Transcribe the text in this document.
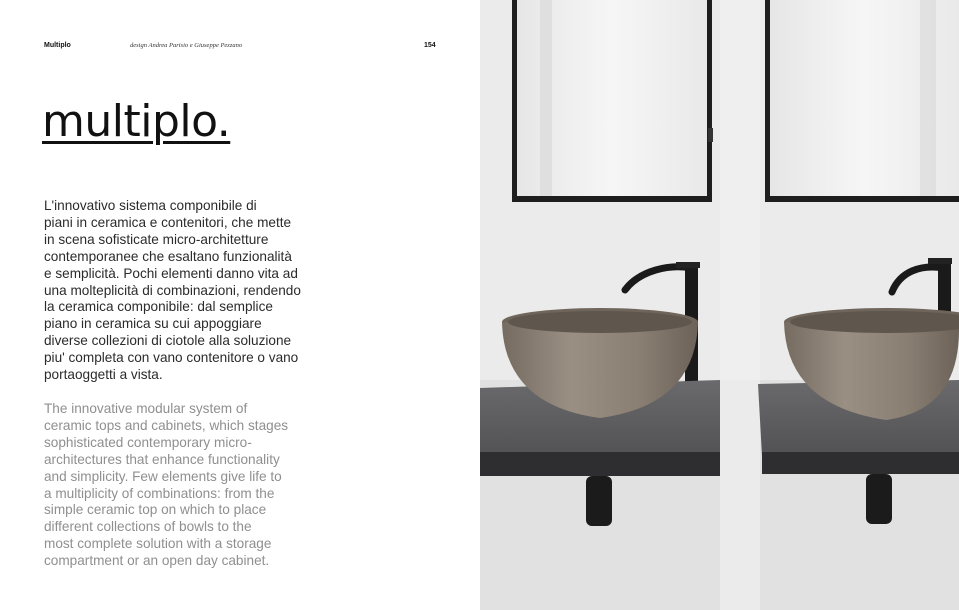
Multiplo	design Andrea Parisio e Giuseppe Pezzano	154
multiplo.
L'innovativo sistema componibile di
piani in ceramica e contenitori, che mette
in scena sofisticate micro-architetture
contemporanee che esaltano funzionalità
e semplicità. Pochi elementi danno vita ad
una molteplicità di combinazioni, rendendo
la ceramica componibile: dal semplice
piano in ceramica su cui appoggiare
diverse collezioni di ciotole alla soluzione
piu' completa con vano contenitore o vano
portaoggetti a vista.
The innovative modular system of
ceramic tops and cabinets, which stages
sophisticated contemporary micro-
architectures that enhance functionality
and simplicity. Few elements give life to
a multiplicity of combinations: from the
simple ceramic top on which to place
different collections of bowls to the
most complete solution with a storage
compartment or an open day cabinet.
